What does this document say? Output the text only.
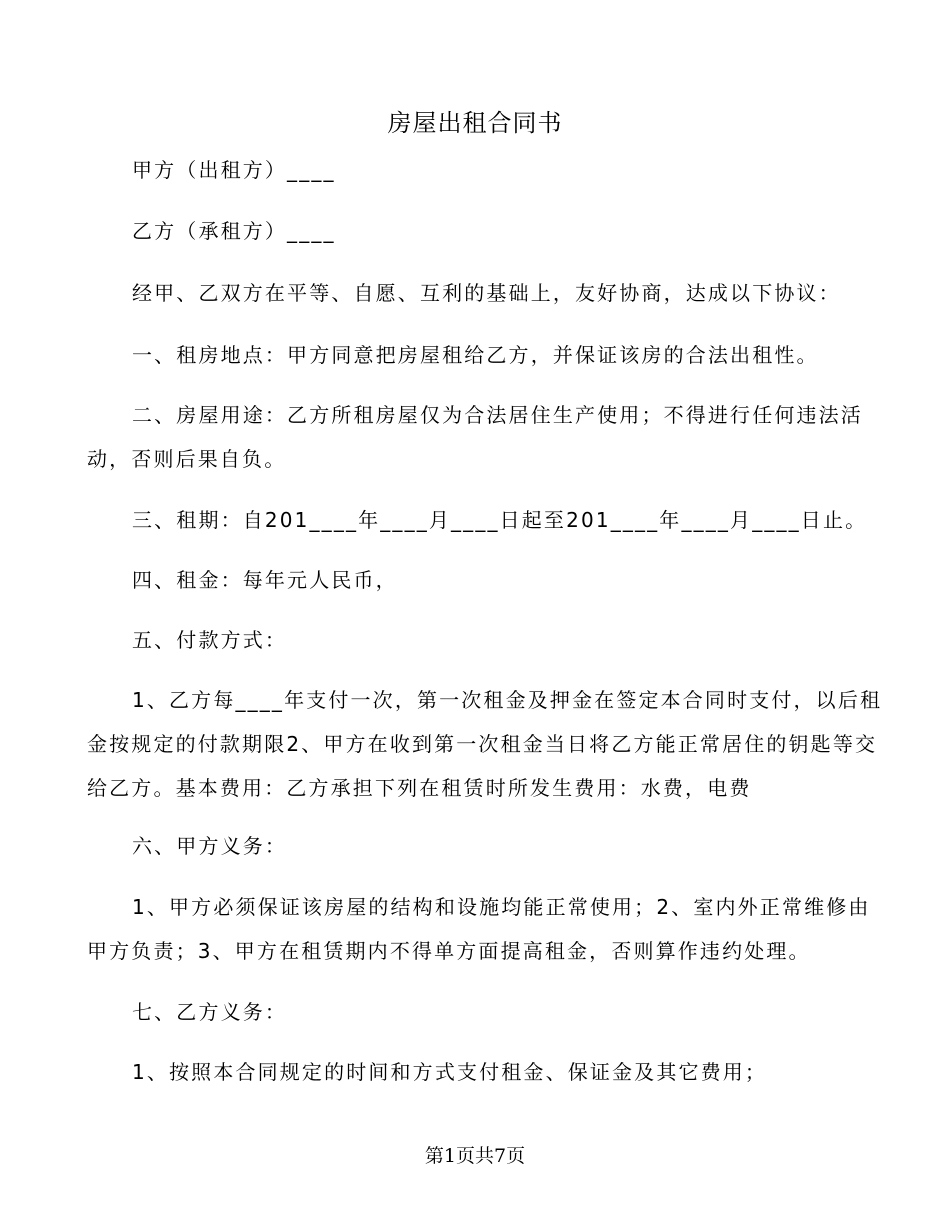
房屋出租合同书
甲方（出租方）____
乙方（承租方）____
经甲、乙双方在平等、自愿、互利的基础上，友好协商，达成以下协议：
一、租房地点：甲方同意把房屋租给乙方，并保证该房的合法出租性。
二、房屋用途：乙方所租房屋仅为合法居住生产使用；不得进行任何违法活
动，否则后果自负。
三、租期：自201____年____月____日起至201____年____月____日止。
四、租金：每年元人民币，
五、付款方式：
1、乙方每____年支付一次，第一次租金及押金在签定本合同时支付，以后租
金按规定的付款期限2、甲方在收到第一次租金当日将乙方能正常居住的钥匙等交
给乙方。基本费用：乙方承担下列在租赁时所发生费用：水费，电费
六、甲方义务：
1、甲方必须保证该房屋的结构和设施均能正常使用；2、室内外正常维修由
甲方负责；3、甲方在租赁期内不得单方面提高租金，否则算作违约处理。
七、乙方义务：
1、按照本合同规定的时间和方式支付租金、保证金及其它费用；
第1页共7页
